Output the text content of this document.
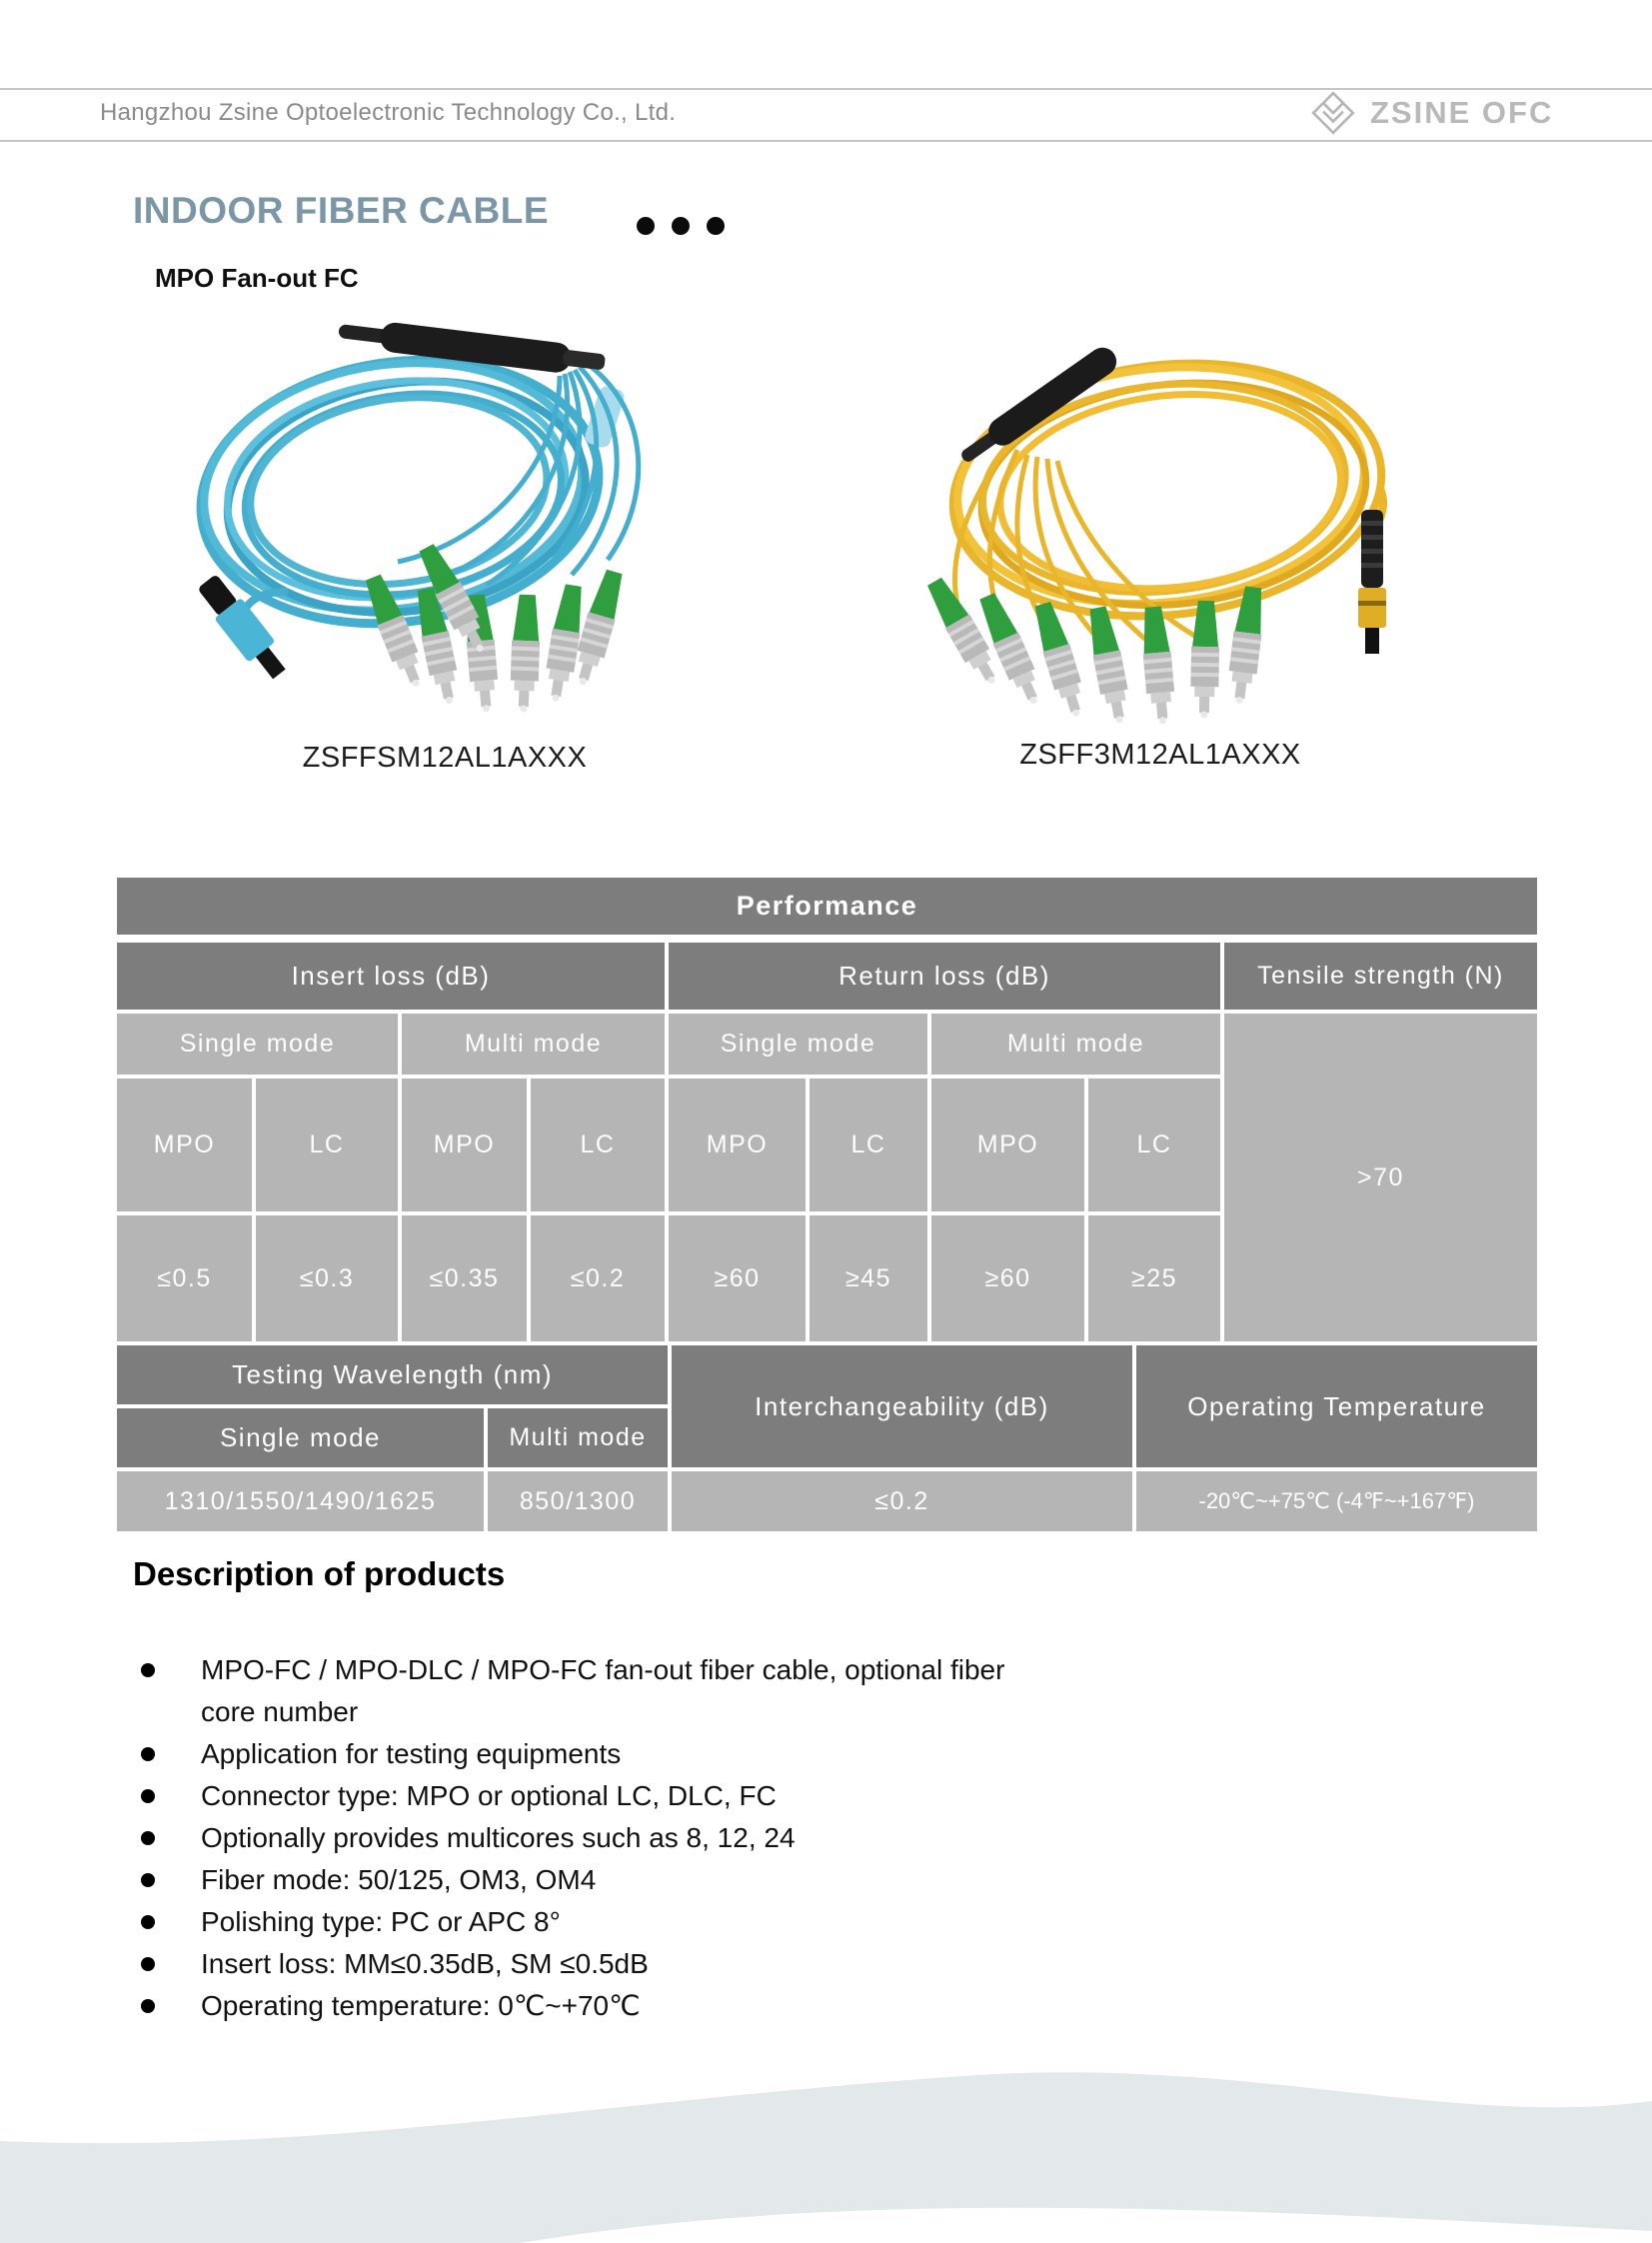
Hangzhou Zsine Optoelectronic Technology Co., Ltd.	ZSINE OFC
INDOOR FIBER CABLE
MPO Fan-out FC
ZSFFSM12AL1AXXX	ZSFF3M12AL1AXXX
Performance
Insert loss (dB)	Return loss (dB)	Tensile strength (N)
Single mode	Multi mode	Single mode	Multi mode
>70
MPO	LC	MPO	LC	MPO	LC	MPO	LC
≤0.5	≤0.3	≤0.35	≤0.2	≥60	≥45	≥60	≥25
Testing Wavelength (nm)
Interchangeability (dB)	Operating Temperature
Single mode	Multi mode
1310/1550/1490/1625	850/1300	≤0.2	-20℃~+75℃ (-4℉~+167℉)
Description of products
MPO-FC / MPO-DLC / MPO-FC fan-out fiber cable, optional fiber
core number
Application for testing equipments
Connector type: MPO or optional LC, DLC, FC
Optionally provides multicores such as 8, 12, 24
Fiber mode: 50/125, OM3, OM4
Polishing type: PC or APC 8°
Insert loss: MM≤0.35dB, SM ≤0.5dB
Operating temperature: 0℃~+70℃
